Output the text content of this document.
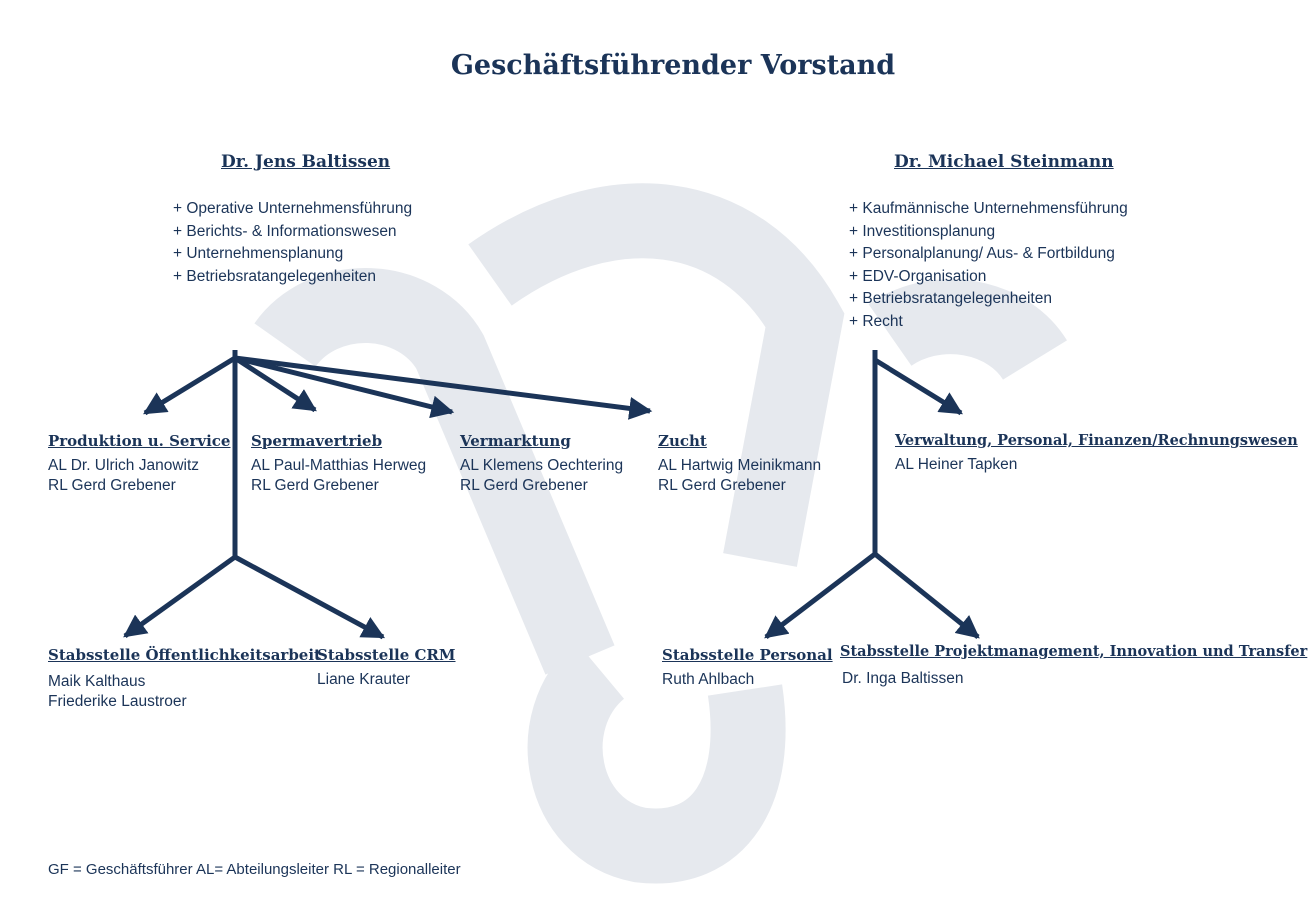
Geschäftsführender Vorstand
Dr. Jens Baltissen
+ Operative Unternehmensführung
+ Berichts- & Informationswesen
+ Unternehmensplanung
+ Betriebsratangelegenheiten
Dr. Michael Steinmann
+ Kaufmännische Unternehmensführung
+ Investitionsplanung
+ Personalplanung/ Aus- & Fortbildung
+ EDV-Organisation
+ Betriebsratangelegenheiten
+ Recht
Produktion u. Service
AL Dr. Ulrich Janowitz
RL Gerd Grebener
Spermavertrieb
AL Paul-Matthias Herweg
RL Gerd Grebener
Vermarktung
AL Klemens Oechtering
RL Gerd Grebener
Zucht
AL Hartwig Meinikmann
RL Gerd Grebener
Verwaltung, Personal, Finanzen/Rechnungswesen
AL Heiner Tapken
Stabsstelle Öffentlichkeitsarbeit
Maik Kalthaus
Friederike Laustroer
Stabsstelle CRM
Liane Krauter
Stabsstelle Personal
Ruth Ahlbach
Stabsstelle Projektmanagement, Innovation und Transfer
Dr. Inga Baltissen
GF = Geschäftsführer AL= Abteilungsleiter RL = Regionalleiter
